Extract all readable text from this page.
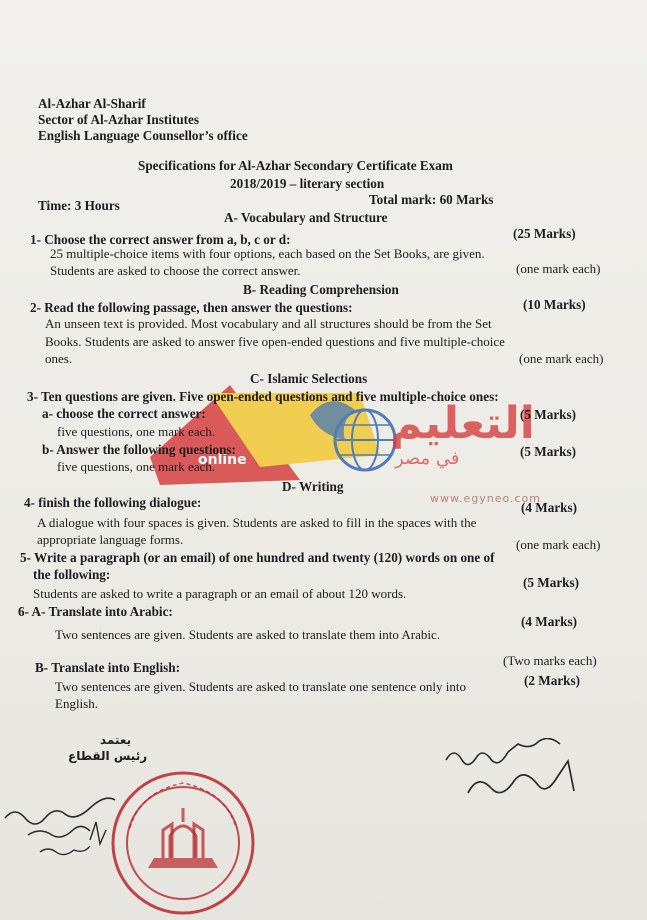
التعليم
في مصر
www.egyneo.com
online
Al-Azhar Al-Sharif
Sector of Al-Azhar Institutes
English Language Counsellor’s office
Specifications for Al-Azhar Secondary Certificate Exam
2018/2019 – literary section
Time: 3 Hours	Total mark: 60 Marks
A- Vocabulary and Structure
1- Choose the correct answer from a, b, c or d:	(25 Marks)
25 multiple-choice items with four options, each based on the Set Books, are given.
Students are asked to choose the correct answer.	(one mark each)
B- Reading Comprehension
2- Read the following passage, then answer the questions:	(10 Marks)
An unseen text is provided. Most vocabulary and all structures should be from the Set
Books. Students are asked to answer five open-ended questions and five multiple-choice
ones.	(one mark each)
C- Islamic Selections
3- Ten questions are given. Five open-ended questions and five multiple-choice ones:
a- choose the correct answer:	(5 Marks)
five questions, one mark each.
b- Answer the following questions:	(5 Marks)
five questions, one mark each.
D- Writing
4- finish the following dialogue:	(4 Marks)
A dialogue with four spaces is given. Students are asked to fill in the spaces with the
appropriate language forms.	(one mark each)
5- Write a paragraph (or an email) of one hundred and twenty (120) words on one of
the following:
(5 Marks)
Students are asked to write a paragraph or an email of about 120 words.
6- A- Translate into Arabic:
(4 Marks)
Two sentences are given. Students are asked to translate them into Arabic.
(Two marks each)
B- Translate into English:
(2 Marks)
Two sentences are given. Students are asked to translate one sentence only into
English.
يعتمد
رئيس القطاع
